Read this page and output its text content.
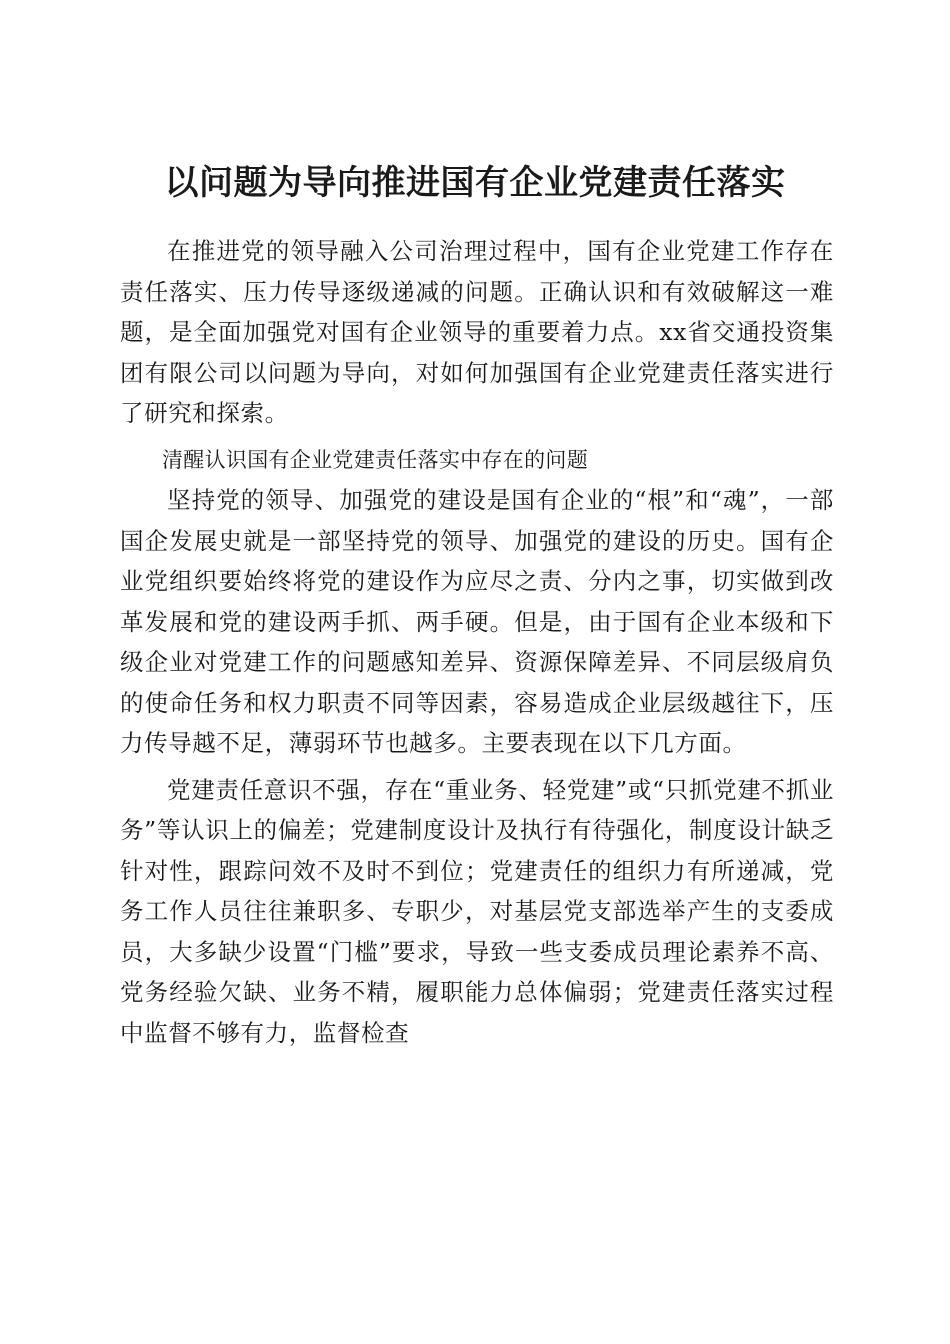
以问题为导向推进国有企业党建责任落实

在推进党的领导融入公司治理过程中，国有企业党建工作存在责任落实、压力传导逐级递减的问题。正确认识和有效破解这一难题，是全面加强党对国有企业领导的重要着力点。xx省交通投资集团有限公司以问题为导向，对如何加强国有企业党建责任落实进行了研究和探索。

清醒认识国有企业党建责任落实中存在的问题

坚持党的领导、加强党的建设是国有企业的“根”和“魂”，一部国企发展史就是一部坚持党的领导、加强党的建设的历史。国有企业党组织要始终将党的建设作为应尽之责、分内之事，切实做到改革发展和党的建设两手抓、两手硬。但是，由于国有企业本级和下级企业对党建工作的问题感知差异、资源保障差异、不同层级肩负的使命任务和权力职责不同等因素，容易造成企业层级越往下，压力传导越不足，薄弱环节也越多。主要表现在以下几方面。

党建责任意识不强，存在“重业务、轻党建”或“只抓党建不抓业务”等认识上的偏差；党建制度设计及执行有待强化，制度设计缺乏针对性，跟踪问效不及时不到位；党建责任的组织力有所递减，党务工作人员往往兼职多、专职少，对基层党支部选举产生的支委成员，大多缺少设置“门槛”要求，导致一些支委成员理论素养不高、党务经验欠缺、业务不精，履职能力总体偏弱；党建责任落实过程中监督不够有力，监督检查
